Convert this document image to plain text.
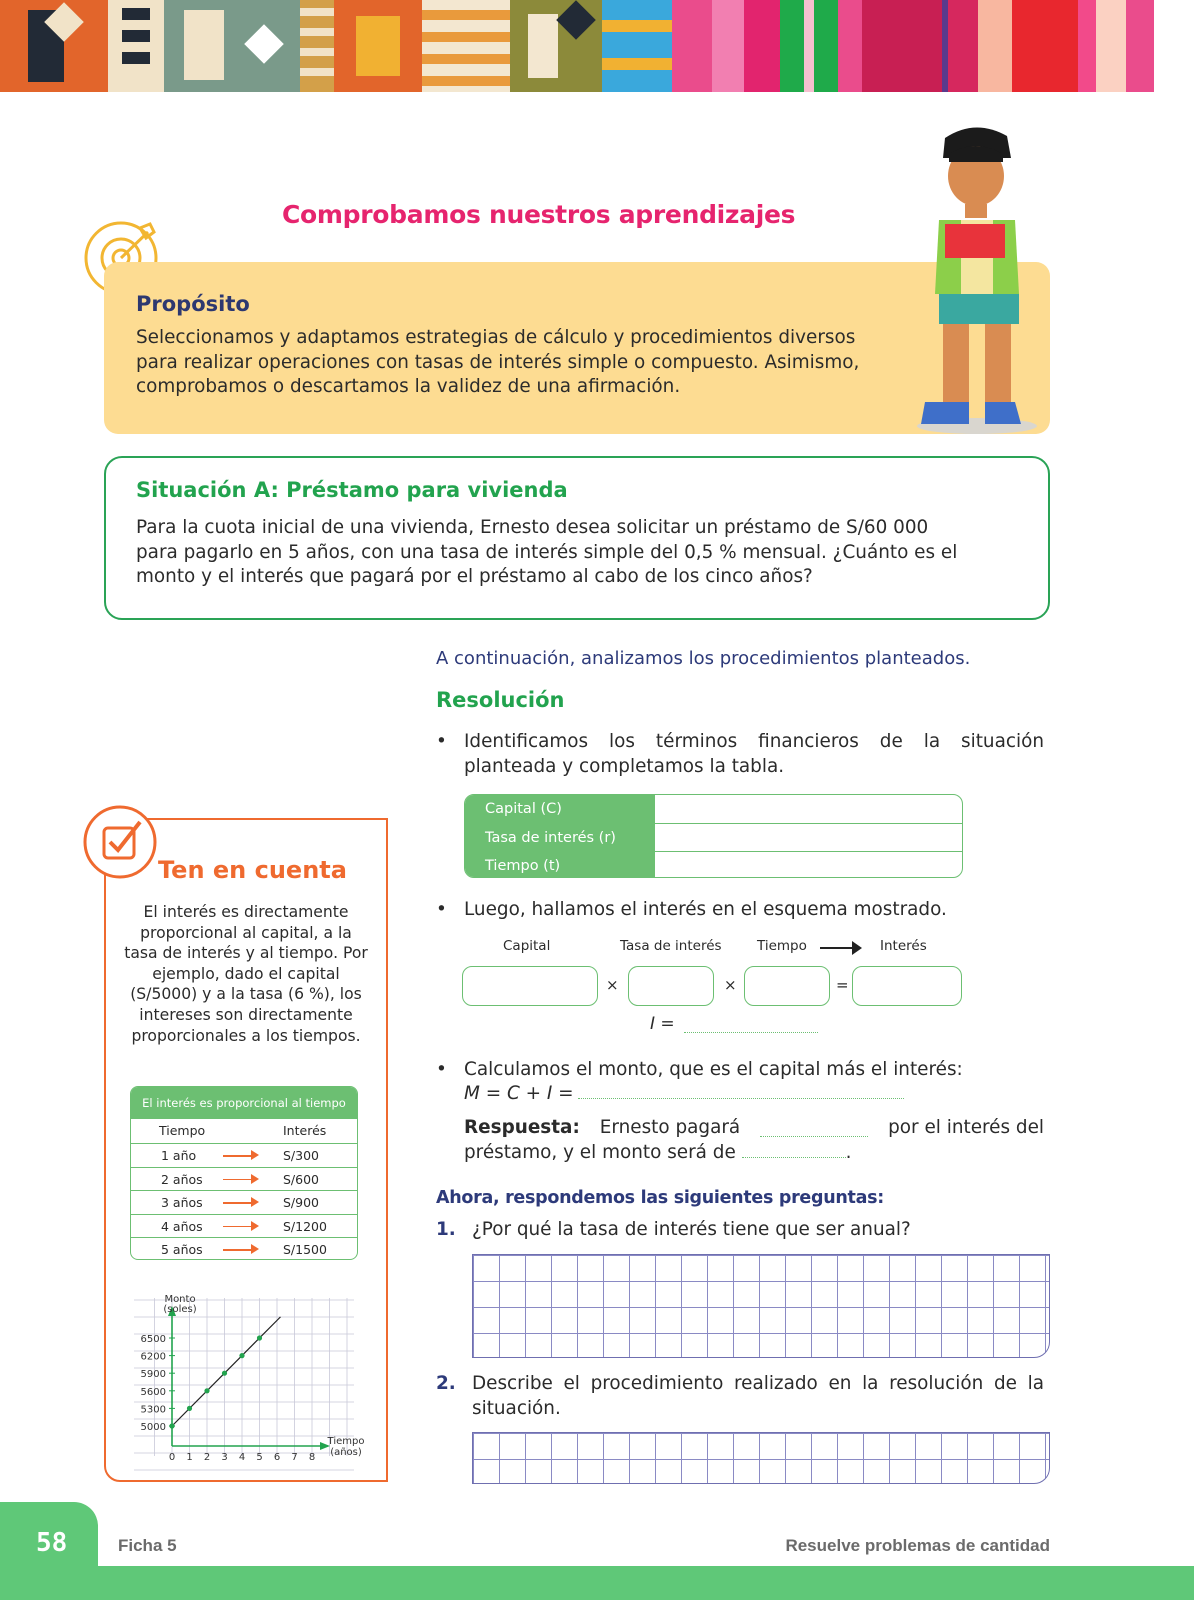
Comprobamos nuestros aprendizajes
Propósito

Seleccionamos y adaptamos estrategias de cálculo y procedimientos diversos
para realizar operaciones con tasas de interés simple o compuesto. Asimismo,
comprobamos o descartamos la validez de una afirmación.

Situación A: Préstamo para vivienda

Para la cuota inicial de una vivienda, Ernesto desea solicitar un préstamo de S/60 000
para pagarlo en 5 años, con una tasa de interés simple del 0,5 % mensual. ¿Cuánto es el
monto y el interés que pagará por el préstamo al cabo de los cinco años?

A continuación, analizamos los procedimientos planteados.
Resolución
• Identificamos los términos financieros de la situación planteada y completamos la tabla.
Capital (C)
Tasa de interés (r)
Tiempo (t)
• Luego, hallamos el interés en el esquema mostrado.
Capital	Tasa de interés	Tiempo	Interés
×	×	=
I =
• Calculamos el monto, que es el capital más el interés:
M = C + I =
Respuesta: Ernesto pagará	por el interés del
préstamo, y el monto será de	.
Ahora, respondemos las siguientes preguntas:
1. ¿Por qué la tasa de interés tiene que ser anual?
2. Describe el procedimiento realizado en la resolución de la situación.
Ten en cuenta

El interés es directamente proporcional al capital, a la tasa de interés y al tiempo. Por ejemplo, dado el capital (S/5000) y a la tasa (6 %), los intereses son directamente proporcionales a los tiempos.

El interés es proporcional al tiempo
Tiempo	Interés
1 año	S/300
2 años	S/600
3 años	S/900
4 años	S/1200
5 años	S/1500
5000
5300
5600
5900
6200
6500
0 1 2 3 4 5 6 7 8
Monto
(soles)
Tiempo
(años)
58	Ficha 5	Resuelve problemas de cantidad
